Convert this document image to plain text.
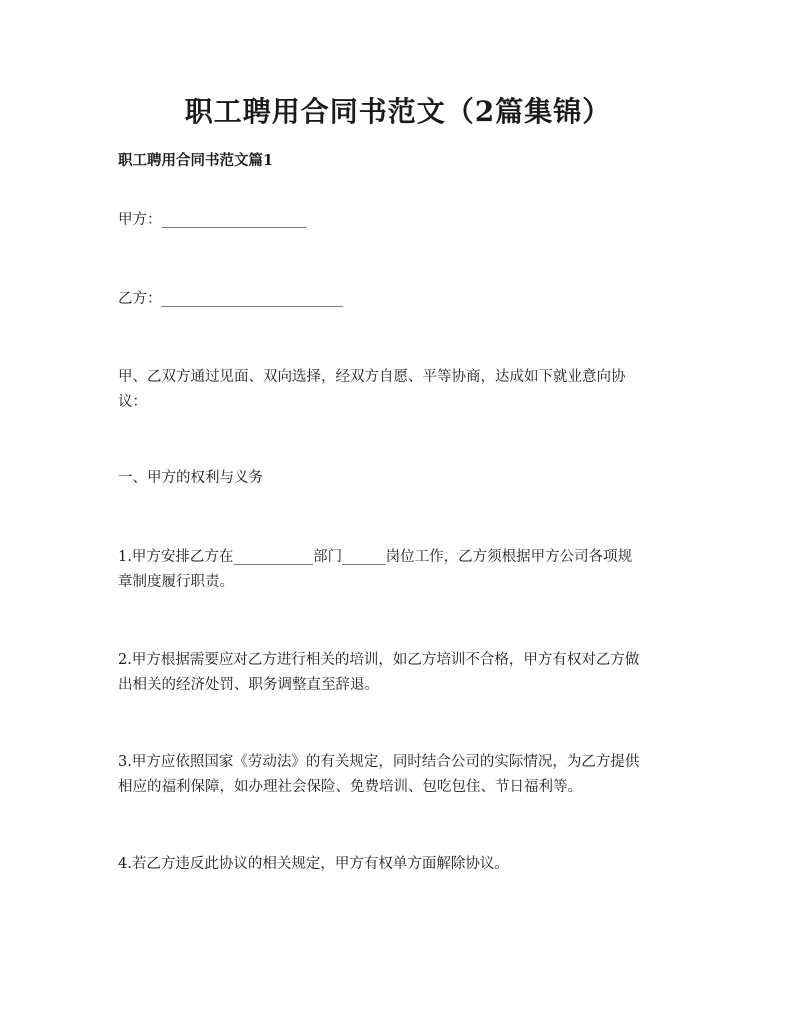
职工聘用合同书范文（2篇集锦）
职工聘用合同书范文篇1
甲方：____________________
乙方：_________________________
甲、乙双方通过见面、双向选择，经双方自愿、平等协商，达成如下就业意向协
议：
一、甲方的权利与义务
1.甲方安排乙方在___________部门______岗位工作，乙方须根据甲方公司各项规
章制度履行职责。
2.甲方根据需要应对乙方进行相关的培训，如乙方培训不合格，甲方有权对乙方做
出相关的经济处罚、职务调整直至辞退。
3.甲方应依照国家《劳动法》的有关规定，同时结合公司的实际情况，为乙方提供
相应的福利保障，如办理社会保险、免费培训、包吃包住、节日福利等。
4.若乙方违反此协议的相关规定，甲方有权单方面解除协议。
